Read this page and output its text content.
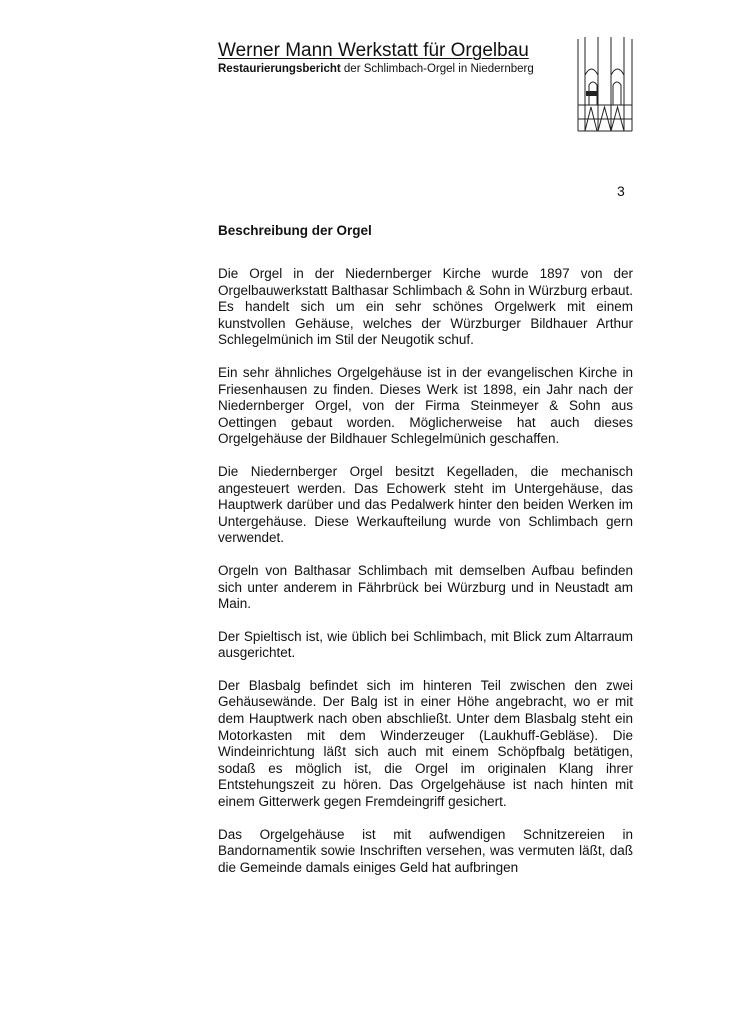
Werner Mann Werkstatt für Orgelbau
Restaurierungsbericht der Schlimbach-Orgel in Niedernberg
3
Beschreibung der Orgel

Die Orgel in der Niedernberger Kirche wurde 1897 von der Orgelbauwerkstatt Balthasar Schlimbach & Sohn in Würzburg erbaut. Es handelt sich um ein sehr schönes Orgelwerk mit einem kunstvollen Gehäuse, welches der Würzburger Bildhauer Arthur Schlegelmünich im Stil der Neugotik schuf.

Ein sehr ähnliches Orgelgehäuse ist in der evangelischen Kirche in Friesenhausen zu finden. Dieses Werk ist 1898, ein Jahr nach der Niedernberger Orgel, von der Firma Steinmeyer & Sohn aus Oettingen gebaut worden. Möglicherweise hat auch dieses Orgelgehäuse der Bildhauer Schlegelmünich geschaffen.

Die Niedernberger Orgel besitzt Kegelladen, die mechanisch angesteuert werden. Das Echowerk steht im Untergehäuse, das Hauptwerk darüber und das Pedalwerk hinter den beiden Werken im Untergehäuse. Diese Werkaufteilung wurde von Schlimbach gern verwendet.

Orgeln von Balthasar Schlimbach mit demselben Aufbau befinden sich unter anderem in Fährbrück bei Würzburg und in Neustadt am Main.

Der Spieltisch ist, wie üblich bei Schlimbach, mit Blick zum Altarraum ausgerichtet.

Der Blasbalg befindet sich im hinteren Teil zwischen den zwei Gehäusewände. Der Balg ist in einer Höhe angebracht, wo er mit dem Hauptwerk nach oben abschließt. Unter dem Blasbalg steht ein Motorkasten mit dem Winderzeuger (Laukhuff-Gebläse). Die Windeinrichtung läßt sich auch mit einem Schöpfbalg betätigen, sodaß es möglich ist, die Orgel im originalen Klang ihrer Entstehungszeit zu hören. Das Orgelgehäuse ist nach hinten mit einem Gitterwerk gegen Fremdeingriff gesichert.

Das Orgelgehäuse ist mit aufwendigen Schnitzereien in Bandornamentik sowie Inschriften versehen, was vermuten läßt, daß die Gemeinde damals einiges Geld hat aufbringen
